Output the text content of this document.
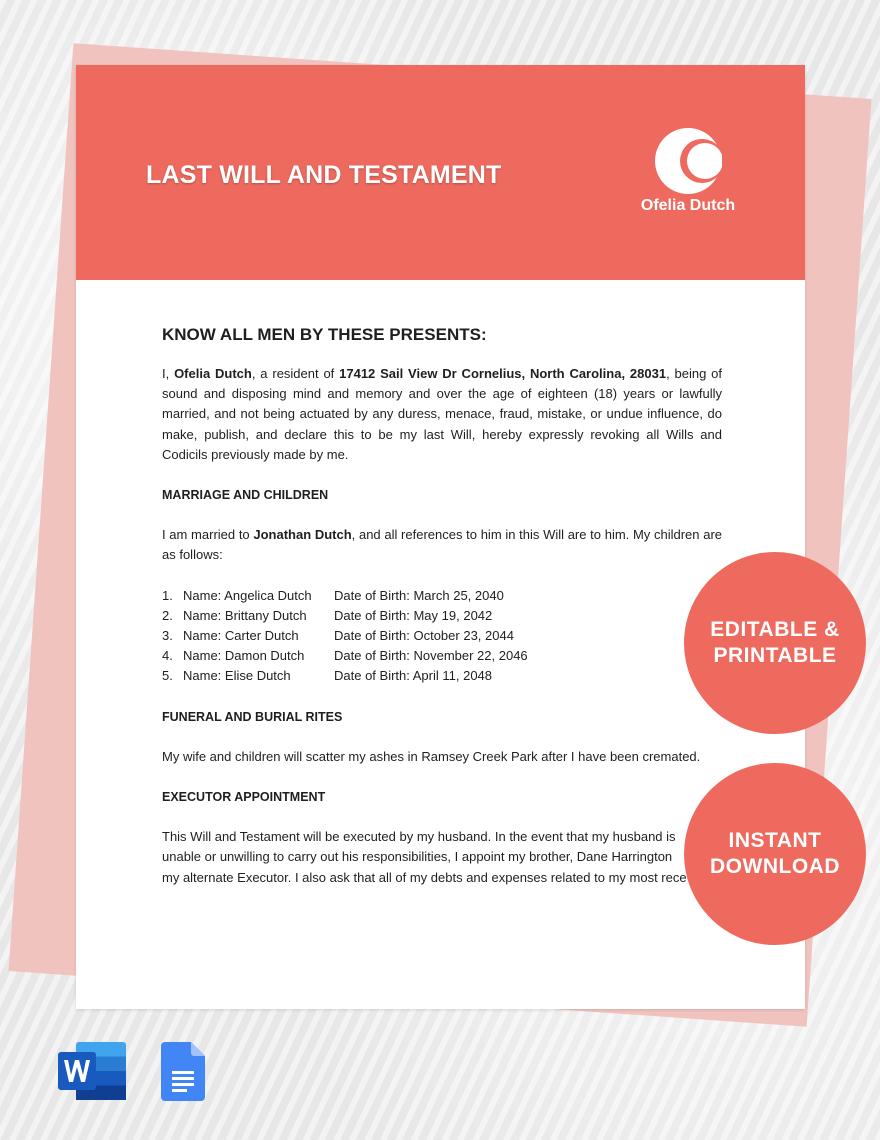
LAST WILL AND TESTAMENT
Ofelia Dutch
KNOW ALL MEN BY THESE PRESENTS:

I, Ofelia Dutch, a resident of 17412 Sail View Dr Cornelius, North Carolina, 28031, being of sound and disposing mind and memory and over the age of eighteen (18) years or lawfully married, and not being actuated by any duress, menace, fraud, mistake, or undue influence, do make, publish, and declare this to be my last Will, hereby expressly revoking all Wills and Codicils previously made by me.

MARRIAGE AND CHILDREN

I am married to Jonathan Dutch, and all references to him in this Will are to him. My children are as follows:

1. Name: Angelica Dutch	Date of Birth: March 25, 2040
2. Name: Brittany Dutch	Date of Birth: May 19, 2042
3. Name: Carter Dutch	Date of Birth: October 23, 2044
4. Name: Damon Dutch	Date of Birth: November 22, 2046
5. Name: Elise Dutch	Date of Birth: April 11, 2048
FUNERAL AND BURIAL RITES

My wife and children will scatter my ashes in Ramsey Creek Park after I have been cremated.

EXECUTOR APPOINTMENT
This Will and Testament will be executed by my husband. In the event that my husband is
unable or unwilling to carry out his responsibilities, I appoint my brother, Dane Harrington
my alternate Executor. I also ask that all of my debts and expenses related to my most rece
EDITABLE &
PRINTABLE
INSTANT
DOWNLOAD
